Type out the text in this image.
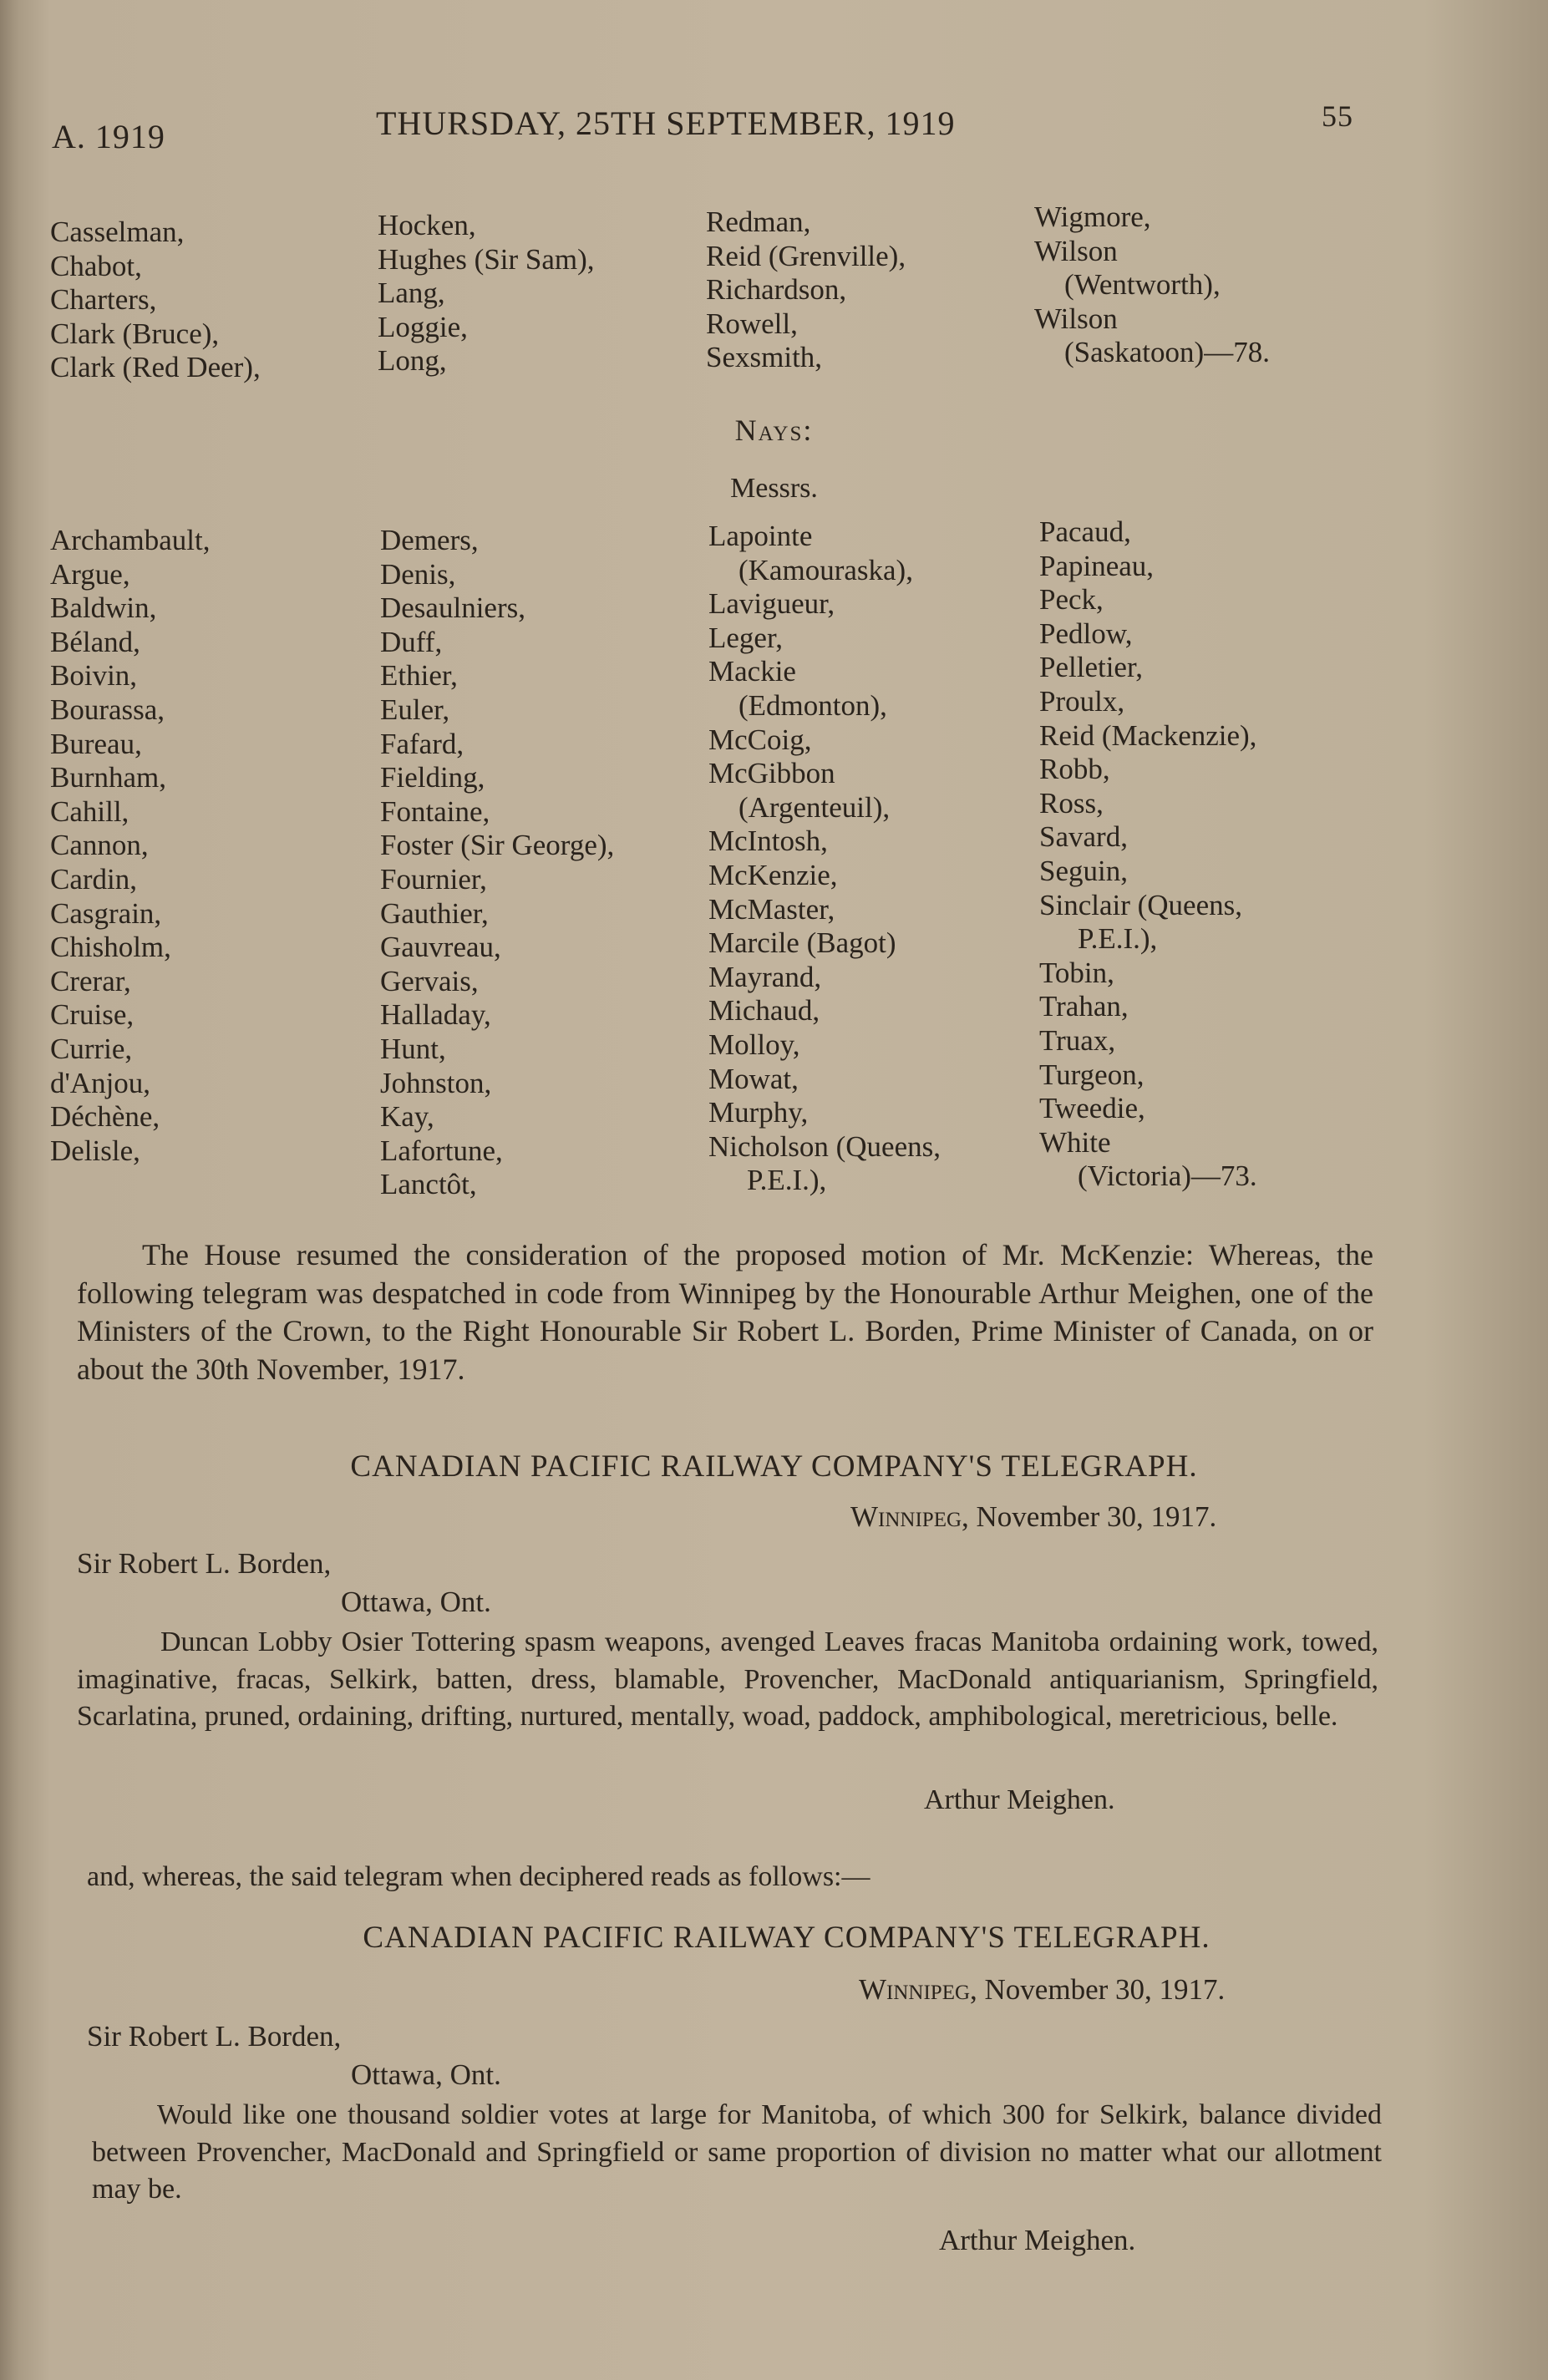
A. 1919	THURSDAY, 25TH SEPTEMBER, 1919	55
Casselman,
Chabot,
Charters,
Clark (Bruce),
Clark (Red Deer),
Hocken,
Hughes (Sir Sam),
Lang,
Loggie,
Long,
Redman,
Reid (Grenville),
Richardson,
Rowell,
Sexsmith,
Wigmore,
Wilson
(Wentworth),
Wilson
(Saskatoon)—78.
Nays:
Messrs.
Archambault,
Argue,
Baldwin,
Béland,
Boivin,
Bourassa,
Bureau,
Burnham,
Cahill,
Cannon,
Cardin,
Casgrain,
Chisholm,
Crerar,
Cruise,
Currie,
d'Anjou,
Déchène,
Delisle,
Demers,
Denis,
Desaulniers,
Duff,
Ethier,
Euler,
Fafard,
Fielding,
Fontaine,
Foster (Sir George),
Fournier,
Gauthier,
Gauvreau,
Gervais,
Halladay,
Hunt,
Johnston,
Kay,
Lafortune,
Lanctôt,
Lapointe
(Kamouraska),
Lavigueur,
Leger,
Mackie
(Edmonton),
McCoig,
McGibbon
(Argenteuil),
McIntosh,
McKenzie,
McMaster,
Marcile (Bagot)
Mayrand,
Michaud,
Molloy,
Mowat,
Murphy,
Nicholson (Queens,
P.E.I.),
Pacaud,
Papineau,
Peck,
Pedlow,
Pelletier,
Proulx,
Reid (Mackenzie),
Robb,
Ross,
Savard,
Seguin,
Sinclair (Queens,
P.E.I.),
Tobin,
Trahan,
Truax,
Turgeon,
Tweedie,
White
(Victoria)—73.
The House resumed the consideration of the proposed motion of Mr. McKenzie: Whereas, the following telegram was despatched in code from Winnipeg by the Honourable Arthur Meighen, one of the Ministers of the Crown, to the Right Honourable Sir Robert L. Borden, Prime Minister of Canada, on or about the 30th November, 1917.
CANADIAN PACIFIC RAILWAY COMPANY'S TELEGRAPH.
Winnipeg, November 30, 1917.
Sir Robert L. Borden,
Ottawa, Ont.
Duncan Lobby Osier Tottering spasm weapons, avenged Leaves fracas Manitoba ordaining work, towed, imaginative, fracas, Selkirk, batten, dress, blamable, Provencher, MacDonald antiquarianism, Springfield, Scarlatina, pruned, ordaining, drifting, nurtured, mentally, woad, paddock, amphibological, meretricious, belle.
Arthur Meighen.
and, whereas, the said telegram when deciphered reads as follows:—
CANADIAN PACIFIC RAILWAY COMPANY'S TELEGRAPH.
Winnipeg, November 30, 1917.
Sir Robert L. Borden,
Ottawa, Ont.
Would like one thousand soldier votes at large for Manitoba, of which 300 for Selkirk, balance divided between Provencher, MacDonald and Springfield or same proportion of division no matter what our allotment may be.
Arthur Meighen.
